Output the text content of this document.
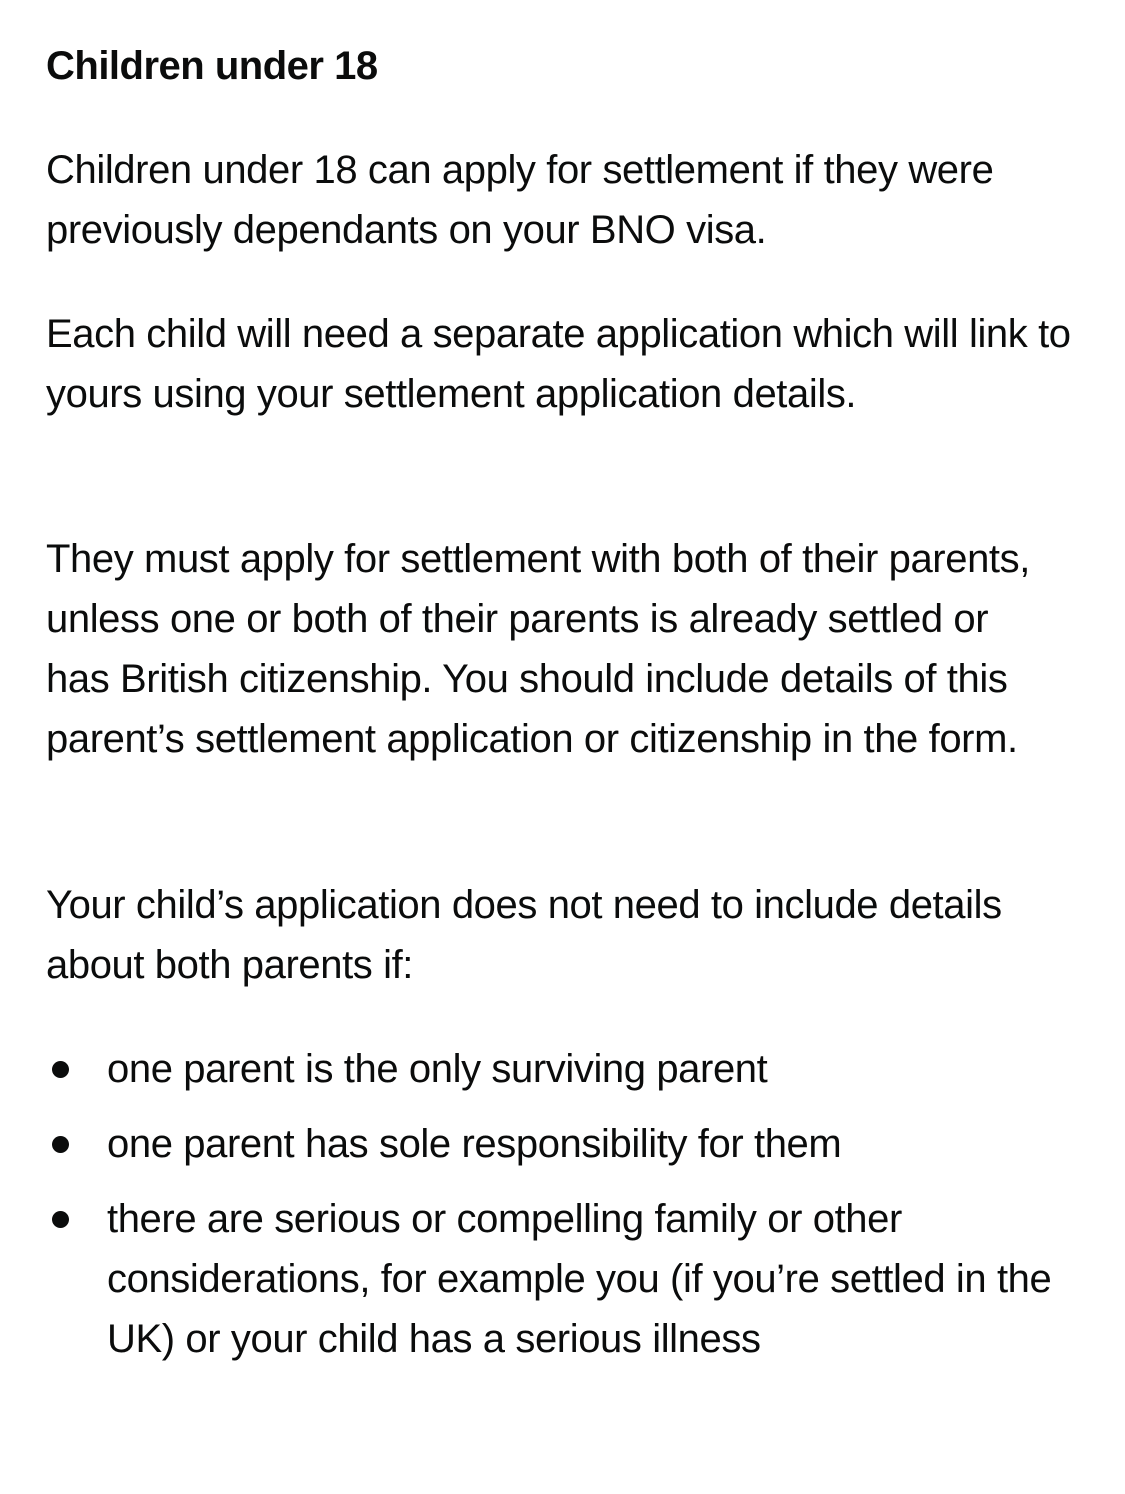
Children under 18

Children under 18 can apply for settlement if they were previously dependants on your BNO visa.

Each child will need a separate application which will link to yours using your settlement application details.

They must apply for settlement with both of their parents, unless one or both of their parents is already settled or has British citizenship. You should include details of this parent’s settlement application or citizenship in the form.

Your child’s application does not need to include details about both parents if:

one parent is the only surviving parent
one parent has sole responsibility for them
there are serious or compelling family or other considerations, for example you (if you’re settled in the UK) or your child has a serious illness
